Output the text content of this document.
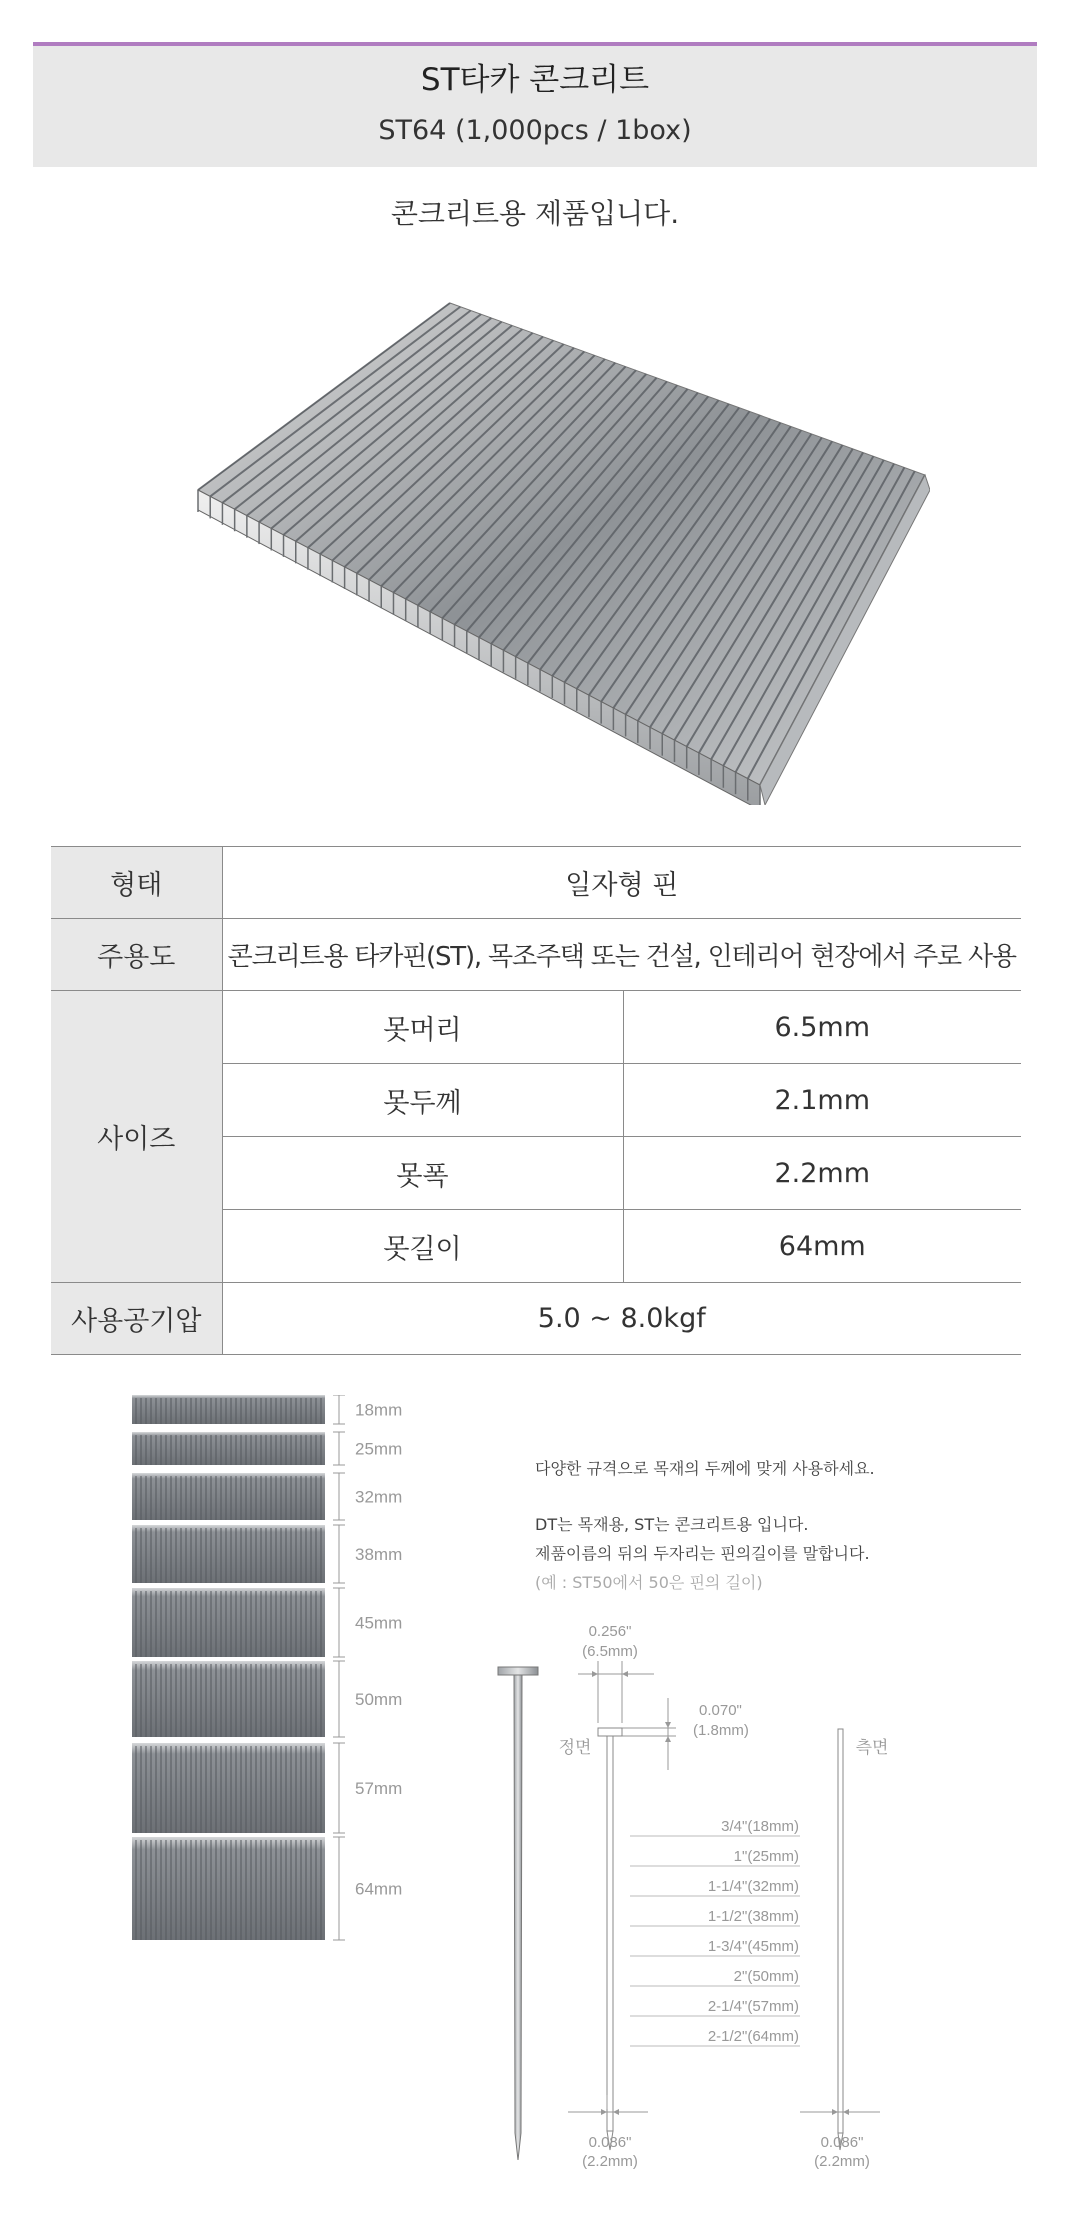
ST타카 콘크리트
ST64 (1,000pcs / 1box)
콘크리트용 제품입니다.
형태	일자형 핀	
주용도	콘크리트용 타카핀(ST), 목조주택 또는 건설, 인테리어 현장에서 주로 사용	
사이즈	못머리	6.5mm
	못두께	2.1mm
	못폭	2.2mm
	못길이	64mm
사용공기압	5.0 ~ 8.0kgf	
18mm
25mm
32mm
38mm
45mm
50mm
57mm
64mm
0.256"
(6.5mm)
0.070"
(1.8mm)
정면	측면
3/4"(18mm)
1"(25mm)
1-1/4"(32mm)
1-1/2"(38mm)
1-3/4"(45mm)
2"(50mm)
2-1/4"(57mm)
2-1/2"(64mm)
0.086"
(2.2mm)
0.086"
(2.2mm)
다양한 규격으로 목재의 두께에 맞게 사용하세요.
DT는 목재용, ST는 콘크리트용 입니다.
제품이름의 뒤의 두자리는 핀의길이를 말합니다.
(예 : ST50에서 50은 핀의 길이)
